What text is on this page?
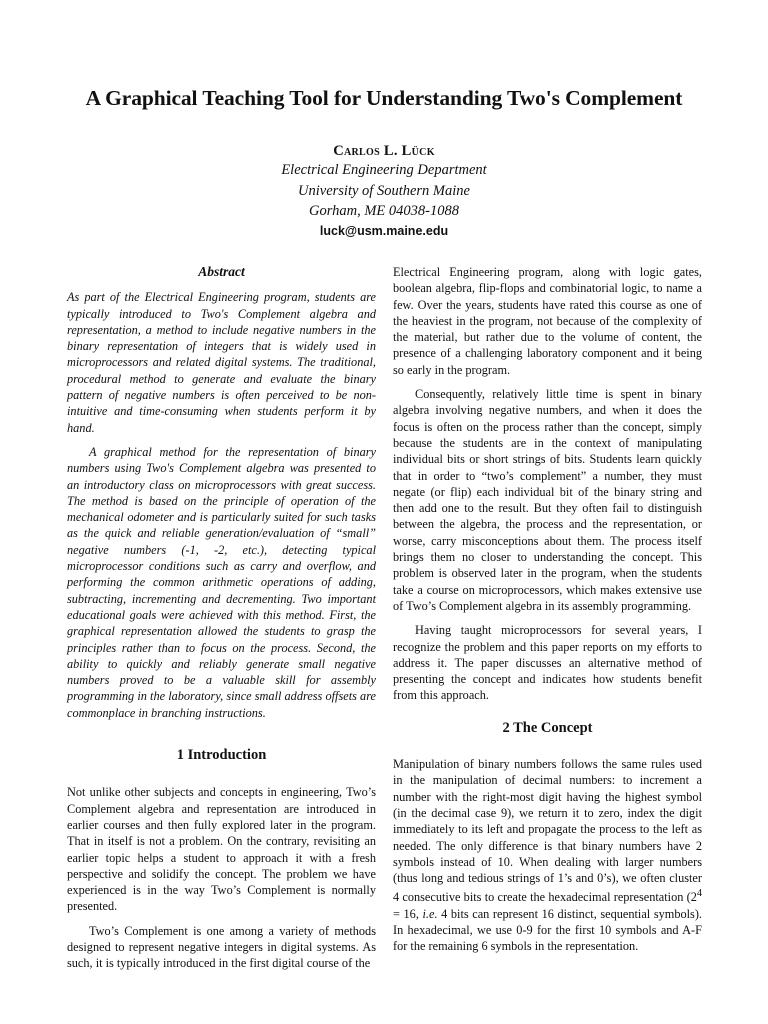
A Graphical Teaching Tool for Understanding Two's Complement
Carlos L. Lück
Electrical Engineering Department
University of Southern Maine
Gorham, ME 04038-1088
luck@usm.maine.edu
Abstract

As part of the Electrical Engineering program, students are typically introduced to Two's Complement algebra and representation, a method to include negative numbers in the binary representation of integers that is widely used in microprocessors and related digital systems. The traditional, procedural method to generate and evaluate the binary pattern of negative numbers is often perceived to be non-intuitive and time-consuming when students perform it by hand.

A graphical method for the representation of binary numbers using Two's Complement algebra was presented to an introductory class on microprocessors with great success. The method is based on the principle of operation of the mechanical odometer and is particularly suited for such tasks as the quick and reliable generation/evaluation of “small” negative numbers (-1, -2, etc.), detecting typical microprocessor conditions such as carry and overflow, and performing the common arithmetic operations of adding, subtracting, incrementing and decrementing. Two important educational goals were achieved with this method. First, the graphical representation allowed the students to grasp the principles rather than to focus on the process. Second, the ability to quickly and reliably generate small negative numbers proved to be a valuable skill for assembly programming in the laboratory, since small address offsets are commonplace in branching instructions.

1 Introduction

Not unlike other subjects and concepts in engineering, Two’s Complement algebra and representation are introduced in earlier courses and then fully explored later in the program. That in itself is not a problem. On the contrary, revisiting an earlier topic helps a student to approach it with a fresh perspective and solidify the concept. The problem we have experienced is in the way Two’s Complement is normally presented.

Two’s Complement is one among a variety of methods designed to represent negative integers in digital systems. As such, it is typically introduced in the first digital course of the

Electrical Engineering program, along with logic gates, boolean algebra, flip-flops and combinatorial logic, to name a few. Over the years, students have rated this course as one of the heaviest in the program, not because of the complexity of the material, but rather due to the volume of content, the presence of a challenging laboratory component and it being so early in the program.

Consequently, relatively little time is spent in binary algebra involving negative numbers, and when it does the focus is often on the process rather than the concept, simply because the students are in the context of manipulating individual bits or short strings of bits. Students learn quickly that in order to “two’s complement” a number, they must negate (or flip) each individual bit of the binary string and then add one to the result. But they often fail to distinguish between the algebra, the process and the representation, or worse, carry misconceptions about them. The process itself brings them no closer to understanding the concept. This problem is observed later in the program, when the students take a course on microprocessors, which makes extensive use of Two’s Complement algebra in its assembly programming.

Having taught microprocessors for several years, I recognize the problem and this paper reports on my efforts to address it. The paper discusses an alternative method of presenting the concept and indicates how students benefit from this approach.

2 The Concept

Manipulation of binary numbers follows the same rules used in the manipulation of decimal numbers: to increment a number with the right-most digit having the highest symbol (in the decimal case 9), we return it to zero, index the digit immediately to its left and propagate the process to the left as needed. The only difference is that binary numbers have 2 symbols instead of 10. When dealing with larger numbers (thus long and tedious strings of 1’s and 0’s), we often cluster 4 consecutive bits to create the hexadecimal representation ($2^4 = 16$, i.e. 4 bits can represent 16 distinct, sequential symbols). In hexadecimal, we use 0-9 for the first 10 symbols and A-F for the remaining 6 symbols in the representation.
